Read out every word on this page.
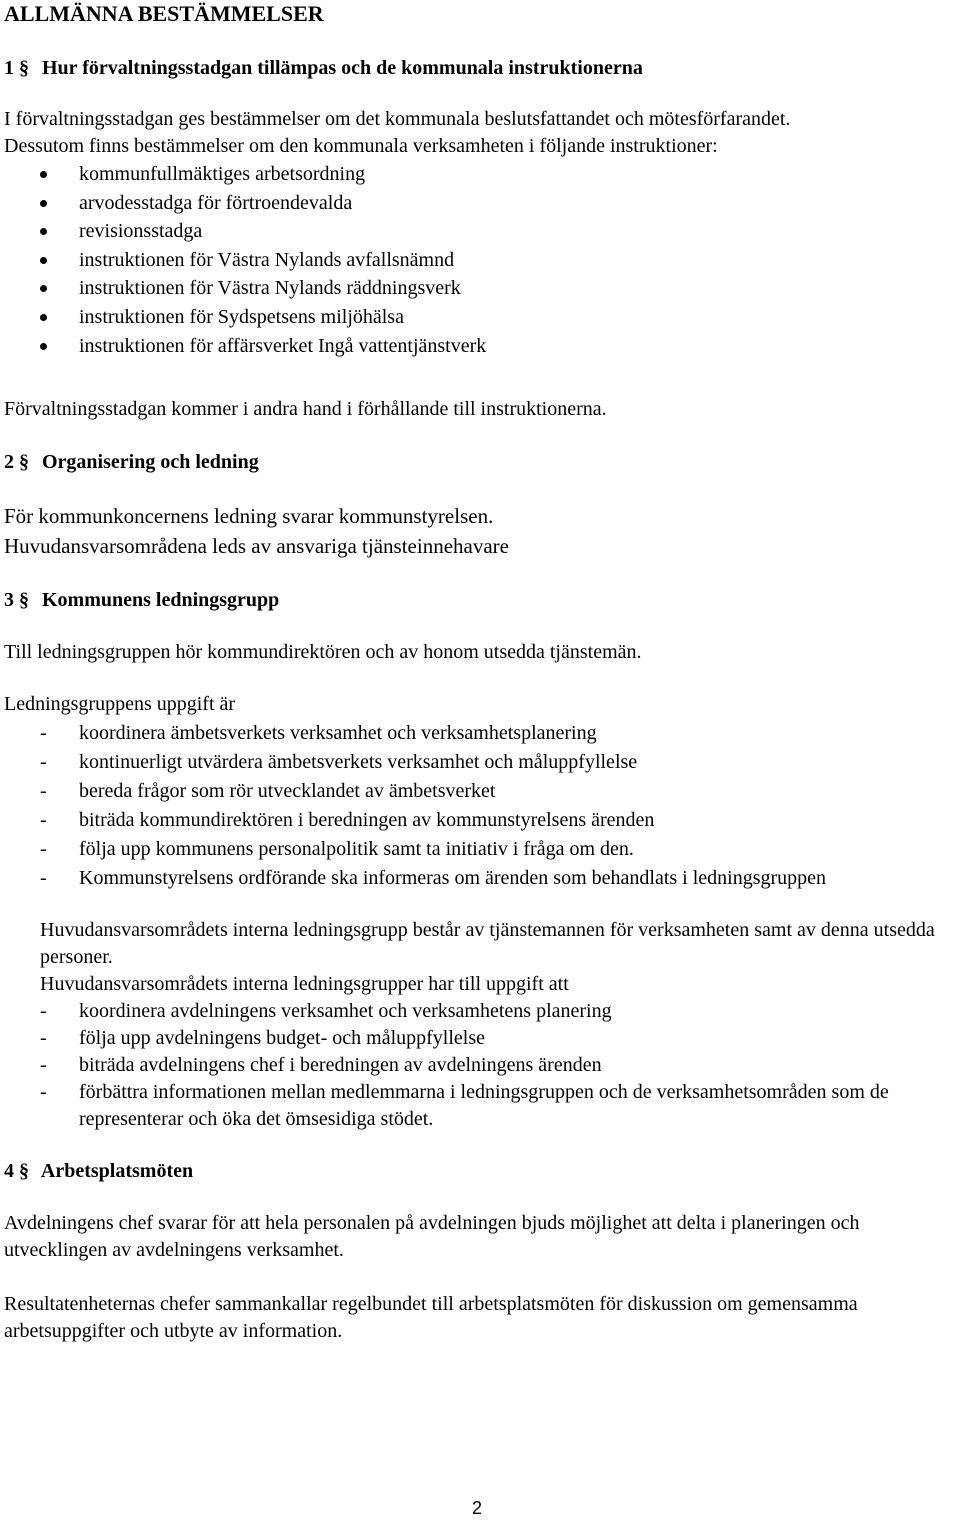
ALLMÄNNA BESTÄMMELSER
1 § Hur förvaltningsstadgan tillämpas och de kommunala instruktionerna
I förvaltningsstadgan ges bestämmelser om det kommunala beslutsfattandet och mötesförfarandet.
Dessutom finns bestämmelser om den kommunala verksamheten i följande instruktioner:
kommunfullmäktiges arbetsordning
arvodesstadga för förtroendevalda
revisionsstadga
instruktionen för Västra Nylands avfallsnämnd
instruktionen för Västra Nylands räddningsverk
instruktionen för Sydspetsens miljöhälsa
instruktionen för affärsverket Ingå vattentjänstverk
Förvaltningsstadgan kommer i andra hand i förhållande till instruktionerna.
2 § Organisering och ledning
För kommunkoncernens ledning svarar kommunstyrelsen.
Huvudansvarsområdena leds av ansvariga tjänsteinnehavare
3 § Kommunens ledningsgrupp
Till ledningsgruppen hör kommundirektören och av honom utsedda tjänstemän.
Ledningsgruppens uppgift är
- koordinera ämbetsverkets verksamhet och verksamhetsplanering
- kontinuerligt utvärdera ämbetsverkets verksamhet och måluppfyllelse
- bereda frågor som rör utvecklandet av ämbetsverket
- biträda kommundirektören i beredningen av kommunstyrelsens ärenden
- följa upp kommunens personalpolitik samt ta initiativ i fråga om den.
- Kommunstyrelsens ordförande ska informeras om ärenden som behandlats i ledningsgruppen
Huvudansvarsområdets interna ledningsgrupp består av tjänstemannen för verksamheten samt av denna utsedda personer.
Huvudansvarsområdets interna ledningsgrupper har till uppgift att
- koordinera avdelningens verksamhet och verksamhetens planering
- följa upp avdelningens budget- och måluppfyllelse
- biträda avdelningens chef i beredningen av avdelningens ärenden
- förbättra informationen mellan medlemmarna i ledningsgruppen och de verksamhetsområden som de representerar och öka det ömsesidiga stödet.
4 § Arbetsplatsmöten
Avdelningens chef svarar för att hela personalen på avdelningen bjuds möjlighet att delta i planeringen och utvecklingen av avdelningens verksamhet.
Resultatenheternas chefer sammankallar regelbundet till arbetsplatsmöten för diskussion om gemensamma arbetsuppgifter och utbyte av information.
2
